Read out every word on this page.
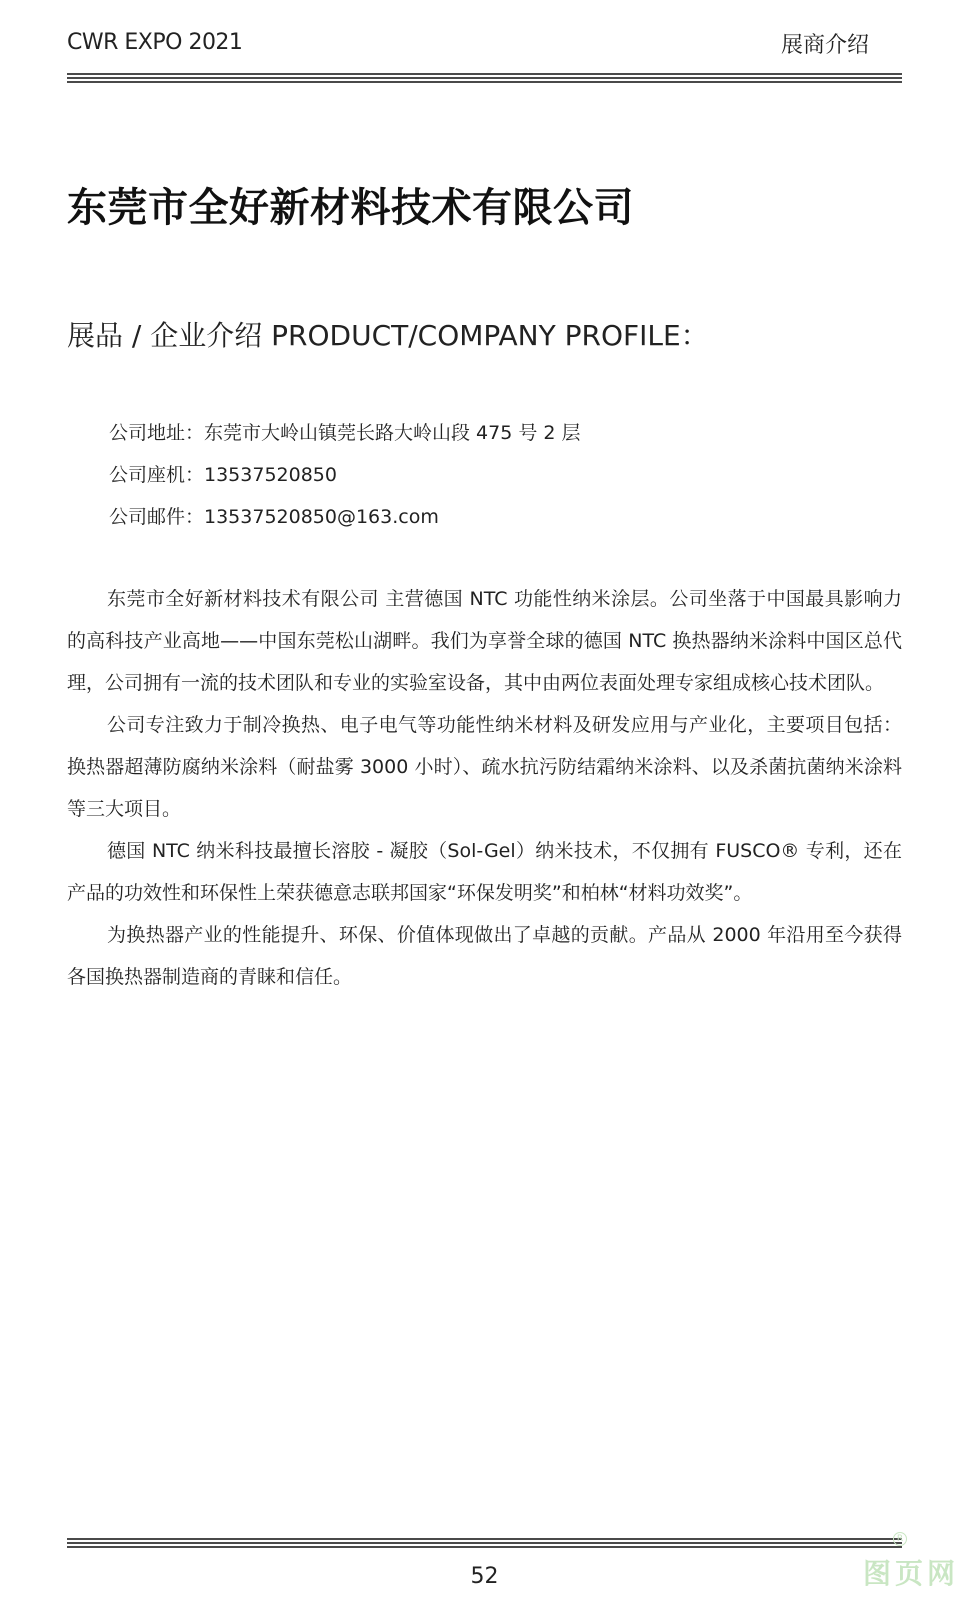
CWR EXPO 2021	展商介绍
东莞市全好新材料技术有限公司
展品 / 企业介绍 PRODUCT/COMPANY PROFILE：
公司地址：东莞市大岭山镇莞长路大岭山段 475 号 2 层
公司座机：13537520850
公司邮件：13537520850@163.com

东莞市全好新材料技术有限公司 主营德国 NTC 功能性纳米涂层。公司坐落于中国最具影响力的高科技产业高地——中国东莞松山湖畔。我们为享誉全球的德国 NTC 换热器纳米涂料中国区总代理，公司拥有一流的技术团队和专业的实验室设备，其中由两位表面处理专家组成核心技术团队。

公司专注致力于制冷换热、电子电气等功能性纳米材料及研发应用与产业化，主要项目包括：换热器超薄防腐纳米涂料（耐盐雾 3000 小时）、疏水抗污防结霜纳米涂料、以及杀菌抗菌纳米涂料等三大项目。

德国 NTC 纳米科技最擅长溶胶 - 凝胶（Sol-Gel）纳米技术，不仅拥有 FUSCO® 专利，还在产品的功效性和环保性上荣获德意志联邦国家“环保发明奖”和柏林“材料功效奖”。

为换热器产业的性能提升、环保、价值体现做出了卓越的贡献。产品从 2000 年沿用至今获得各国换热器制造商的青睐和信任。

52
R
图页网
